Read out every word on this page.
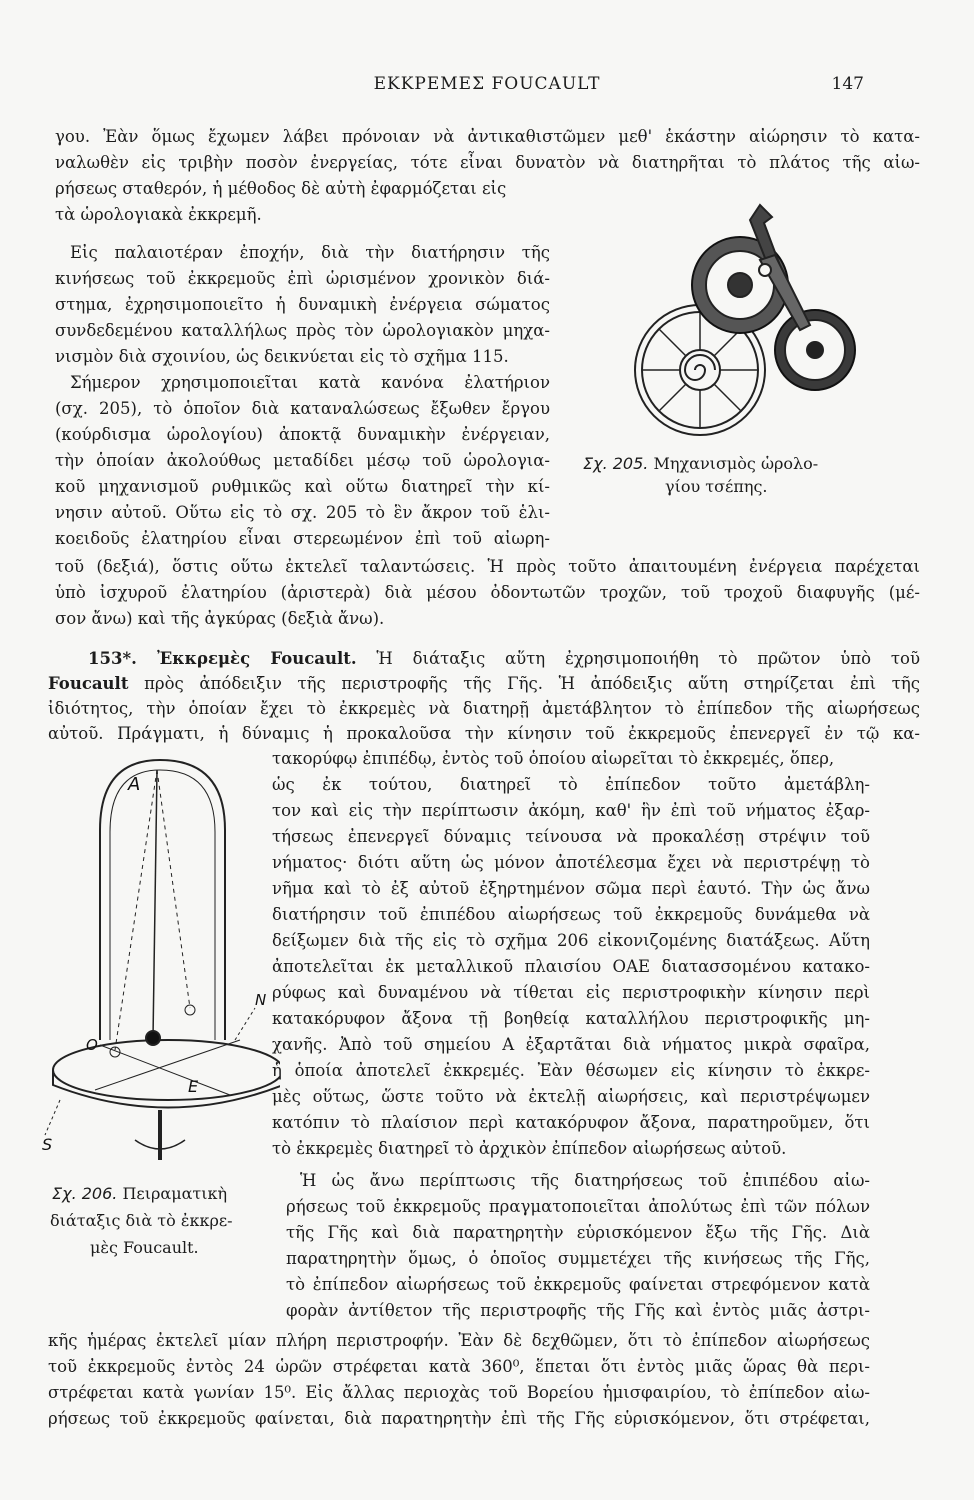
ΕΚΚΡΕΜΕΣ FOUCAULT	147
γου. Ἐὰν ὅμως ἔχωμεν λάβει πρόνοιαν νὰ ἀντικαθιστῶμεν μεθ' ἑκάστην αἰώρησιν τὸ κατα-
ναλωθὲν εἰς τριβὴν ποσὸν ἐνεργείας, τότε εἶναι δυνατὸν νὰ διατηρῆται τὸ πλάτος τῆς αἰω-
ρήσεως σταθερόν, ἡ μέθοδος δὲ αὐτὴ ἐφαρμόζεται εἰς
τὰ ὡρολογιακὰ ἐκκρεμῆ.
Εἰς παλαιοτέραν ἐποχήν, διὰ τὴν διατήρησιν τῆς
κινήσεως τοῦ ἐκκρεμοῦς ἐπὶ ὡρισμένον χρονικὸν διά-
στημα, ἐχρησιμοποιεῖτο ἡ δυναμικὴ ἐνέργεια σώματος
συνδεδεμένου καταλλήλως πρὸς τὸν ὡρολογιακὸν μηχα-
νισμὸν διὰ σχοινίου, ὡς δεικνύεται εἰς τὸ σχῆμα 115.
Σήμερον χρησιμοποιεῖται κατὰ κανόνα ἐλατήριον
(σχ. 205), τὸ ὁποῖον διὰ καταναλώσεως ἔξωθεν ἔργου
(κούρδισμα ὡρολογίου) ἀποκτᾷ δυναμικὴν ἐνέργειαν,
τὴν ὁποίαν ἀκολούθως μεταδίδει μέσῳ τοῦ ὡρολογια-
κοῦ μηχανισμοῦ ρυθμικῶς καὶ οὕτω διατηρεῖ τὴν κί-
νησιν αὐτοῦ. Οὕτω εἰς τὸ σχ. 205 τὸ ἓν ἄκρον τοῦ ἑλι-
κοειδοῦς ἐλατηρίου εἶναι στερεωμένον ἐπὶ τοῦ αἰωρη-
Σχ. 205. Μηχανισμὸς ὡρολο-
γίου τσέπης.
τοῦ (δεξιά), ὅστις οὕτω ἐκτελεῖ ταλαντώσεις. Ἡ πρὸς τοῦτο ἀπαιτουμένη ἐνέργεια παρέχεται
ὑπὸ ἰσχυροῦ ἐλατηρίου (ἀριστερὰ) διὰ μέσου ὀδοντωτῶν τροχῶν, τοῦ τροχοῦ διαφυγῆς (μέ-
σον ἄνω) καὶ τῆς ἀγκύρας (δεξιὰ ἄνω).
153*. Ἐκκρεμὲς Foucault. Ἡ διάταξις αὕτη ἐχρησιμοποιήθη τὸ πρῶτον ὑπὸ τοῦ
Foucault πρὸς ἀπόδειξιν τῆς περιστροφῆς τῆς Γῆς. Ἡ ἀπόδειξις αὕτη στηρίζεται ἐπὶ τῆς
ἰδιότητος, τὴν ὁποίαν ἔχει τὸ ἐκκρεμὲς νὰ διατηρῇ ἀμετάβλητον τὸ ἐπίπεδον τῆς αἰωρήσεως
αὐτοῦ. Πράγματι, ἡ δύναμις ἡ προκαλοῦσα τὴν κίνησιν τοῦ ἐκκρεμοῦς ἐπενεργεῖ ἐν τῷ κα-
τακορύφῳ ἐπιπέδῳ, ἐντὸς τοῦ ὁποίου αἰωρεῖται τὸ ἐκκρεμές, ὅπερ,
ὡς ἐκ τούτου, διατηρεῖ τὸ ἐπίπεδον τοῦτο ἀμετάβλη-
τον καὶ εἰς τὴν περίπτωσιν ἀκόμη, καθ' ἣν ἐπὶ τοῦ νήματος ἐξαρ-
τήσεως ἐπενεργεῖ δύναμις τείνουσα νὰ προκαλέσῃ στρέψιν τοῦ
νήματος· διότι αὕτη ὡς μόνον ἀποτέλεσμα ἔχει νὰ περιστρέψῃ τὸ
νῆμα καὶ τὸ ἐξ αὐτοῦ ἐξηρτημένον σῶμα περὶ ἑαυτό. Τὴν ὡς ἄνω
διατήρησιν τοῦ ἐπιπέδου αἰωρήσεως τοῦ ἐκκρεμοῦς δυνάμεθα νὰ
δείξωμεν διὰ τῆς εἰς τὸ σχῆμα 206 εἰκονιζομένης διατάξεως. Αὕτη
ἀποτελεῖται ἐκ μεταλλικοῦ πλαισίου ΟΑΕ διατασσομένου κατακο-
ρύφως καὶ δυναμένου νὰ τίθεται εἰς περιστροφικὴν κίνησιν περὶ
κατακόρυφον ἄξονα τῇ βοηθείᾳ καταλλήλου περιστροφικῆς μη-
χανῆς. Ἀπὸ τοῦ σημείου Α ἐξαρτᾶται διὰ νήματος μικρὰ σφαῖρα,
ἡ ὁποία ἀποτελεῖ ἐκκρεμές. Ἐὰν θέσωμεν εἰς κίνησιν τὸ ἐκκρε-
μὲς οὕτως, ὥστε τοῦτο νὰ ἐκτελῇ αἰωρήσεις, καὶ περιστρέψωμεν
κατόπιν τὸ πλαίσιον περὶ κατακόρυφον ἄξονα, παρατηροῦμεν, ὅτι
τὸ ἐκκρεμὲς διατηρεῖ τὸ ἀρχικὸν ἐπίπεδον αἰωρήσεως αὐτοῦ.
Ἡ ὡς ἄνω περίπτωσις τῆς διατηρήσεως τοῦ ἐπιπέδου αἰω-
ρήσεως τοῦ ἐκκρεμοῦς πραγματοποιεῖται ἀπολύτως ἐπὶ τῶν πόλων
τῆς Γῆς καὶ διὰ παρατηρητὴν εὑρισκόμενον ἔξω τῆς Γῆς. Διὰ
παρατηρητὴν ὅμως, ὁ ὁποῖος συμμετέχει τῆς κινήσεως τῆς Γῆς,
τὸ ἐπίπεδον αἰωρήσεως τοῦ ἐκκρεμοῦς φαίνεται στρεφόμενον κατὰ
φορὰν ἀντίθετον τῆς περιστροφῆς τῆς Γῆς καὶ ἐντὸς μιᾶς ἀστρι-
A
N
O
E
S
Σχ. 206. Πειραματικὴ
διάταξις διὰ τὸ ἐκκρε-
μὲς Foucault.
κῆς ἡμέρας ἐκτελεῖ μίαν πλήρη περιστροφήν. Ἐὰν δὲ δεχθῶμεν, ὅτι τὸ ἐπίπεδον αἰωρήσεως
τοῦ ἐκκρεμοῦς ἐντὸς 24 ὡρῶν στρέφεται κατὰ 360⁰, ἕπεται ὅτι ἐντὸς μιᾶς ὥρας θὰ περι-
στρέφεται κατὰ γωνίαν 15⁰. Εἰς ἄλλας περιοχὰς τοῦ Βορείου ἡμισφαιρίου, τὸ ἐπίπεδον αἰω-
ρήσεως τοῦ ἐκκρεμοῦς φαίνεται, διὰ παρατηρητὴν ἐπὶ τῆς Γῆς εὑρισκόμενον, ὅτι στρέφεται,
